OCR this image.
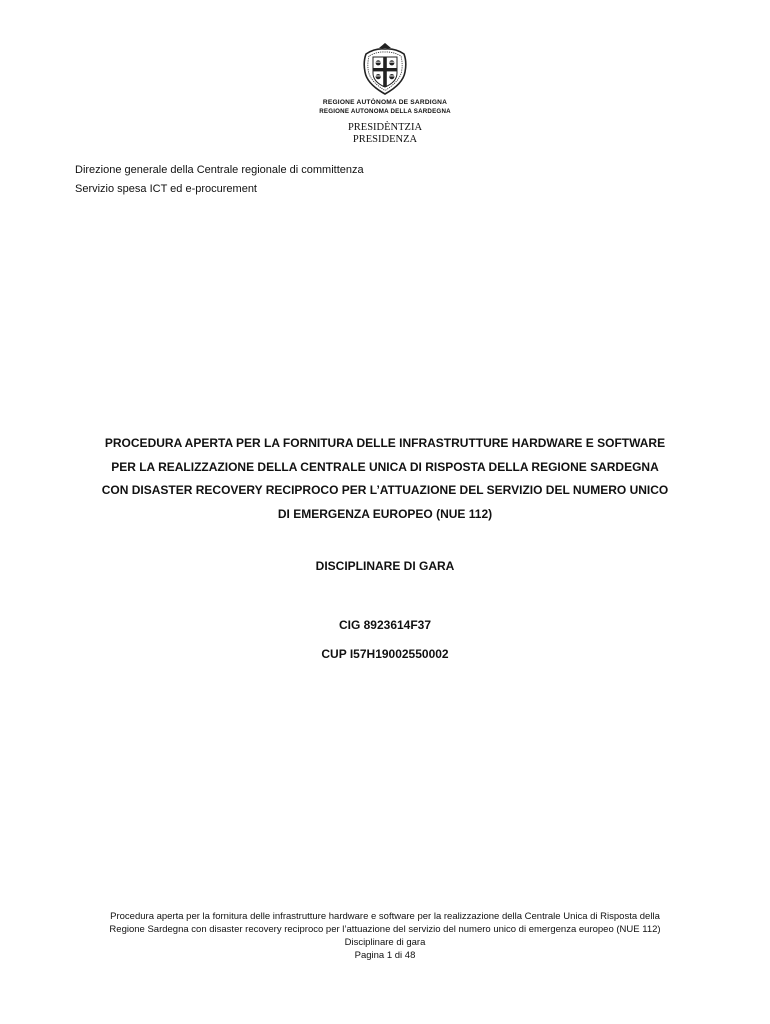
REGIONE AUTÒNOMA DE SARDIGNA
REGIONE AUTONOMA DELLA SARDEGNA
PRESIDÈNTZIA
PRESIDENZA
Direzione generale della Centrale regionale di committenza
Servizio spesa ICT ed e-procurement
PROCEDURA APERTA PER LA FORNITURA DELLE INFRASTRUTTURE HARDWARE E SOFTWARE
PER LA REALIZZAZIONE DELLA CENTRALE UNICA DI RISPOSTA DELLA REGIONE SARDEGNA
CON DISASTER RECOVERY RECIPROCO PER L’ATTUAZIONE DEL SERVIZIO DEL NUMERO UNICO
DI EMERGENZA EUROPEO (NUE 112)
DISCIPLINARE DI GARA
CIG 8923614F37
CUP I57H19002550002
Procedura aperta per la fornitura delle infrastrutture hardware e software per la realizzazione della Centrale Unica di Risposta della
Regione Sardegna con disaster recovery reciproco per l’attuazione del servizio del numero unico di emergenza europeo (NUE 112)
Disciplinare di gara
Pagina 1 di 48
